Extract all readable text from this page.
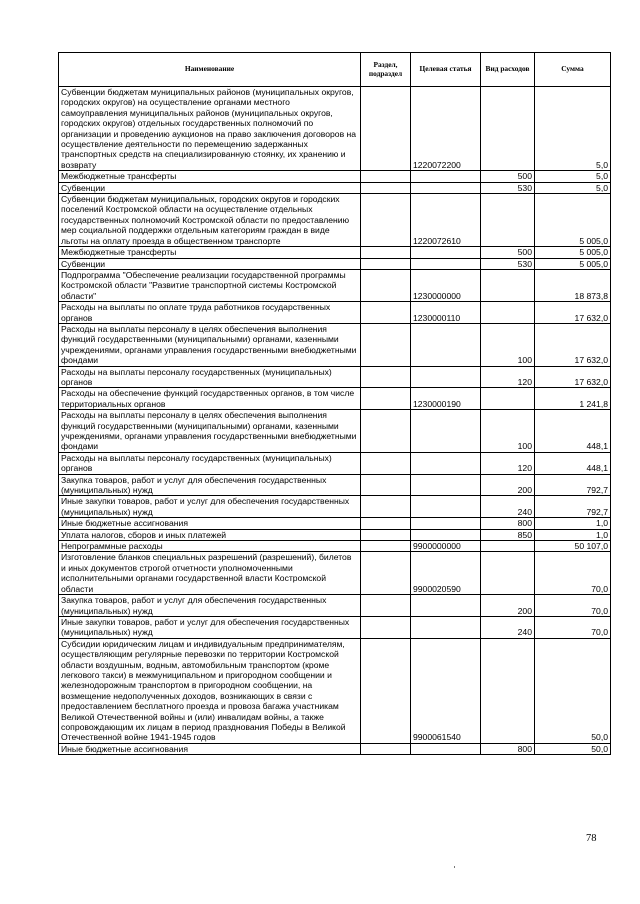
Наименование	Раздел, подраздел	Целевая статья	Вид расходов	Сумма
Субвенции бюджетам муниципальных районов (муниципальных округов, городских округов) на осуществление органами местного самоуправления муниципальных районов (муниципальных округов, городских округов) отдельных государственных полномочий по организации и проведению аукционов на право заключения договоров на осуществление деятельности по перемещению задержанных транспортных средств на специализированную стоянку, их хранению и возврату		1220072200		5,0
Межбюджетные трансферты			500	5,0
Субвенции			530	5,0
Субвенции бюджетам муниципальных, городских округов и городских поселений Костромской области на осуществление отдельных государственных полномочий Костромской области по предоставлению мер социальной поддержки отдельным категориям граждан в виде льготы на оплату проезда в общественном транспорте		1220072610		5 005,0
Межбюджетные трансферты			500	5 005,0
Субвенции			530	5 005,0
Подпрограмма "Обеспечение реализации государственной программы Костромской области "Развитие транспортной системы Костромской области"		1230000000		18 873,8
Расходы на выплаты по оплате труда работников государственных органов		1230000110		17 632,0
Расходы на выплаты персоналу в целях обеспечения выполнения функций государственными (муниципальными) органами, казенными учреждениями, органами управления государственными внебюджетными фондами			100	17 632,0
Расходы на выплаты персоналу государственных (муниципальных) органов			120	17 632,0
Расходы на обеспечение функций государственных органов, в том числе территориальных органов		1230000190		1 241,8
Расходы на выплаты персоналу в целях обеспечения выполнения функций государственными (муниципальными) органами, казенными учреждениями, органами управления государственными внебюджетными фондами			100	448,1
Расходы на выплаты персоналу государственных (муниципальных) органов			120	448,1
Закупка товаров, работ и услуг для обеспечения государственных (муниципальных) нужд			200	792,7
Иные закупки товаров, работ и услуг для обеспечения государственных (муниципальных) нужд			240	792,7
Иные бюджетные ассигнования			800	1,0
Уплата налогов, сборов и иных платежей			850	1,0
Непрограммные расходы		9900000000		50 107,0
Изготовление бланков специальных разрешений (разрешений), билетов и иных документов строгой отчетности уполномоченными исполнительными органами государственной власти Костромской области		9900020590		70,0
Закупка товаров, работ и услуг для обеспечения государственных (муниципальных) нужд			200	70,0
Иные закупки товаров, работ и услуг для обеспечения государственных (муниципальных) нужд			240	70,0
Субсидии юридическим лицам и индивидуальным предпринимателям, осуществляющим регулярные перевозки по территории Костромской области воздушным, водным, автомобильным транспортом (кроме легкового такси) в межмуниципальном и пригородном сообщении и железнодорожным транспортом в пригородном сообщении, на возмещение недополученных доходов, возникающих в связи с предоставлением бесплатного проезда и провоза багажа участникам Великой Отечественной войны и (или) инвалидам войны, а также сопровождающим их лицам в период празднования Победы в Великой Отечественной войне 1941-1945 годов		9900061540		50,0
Иные бюджетные ассигнования			800	50,0
78
